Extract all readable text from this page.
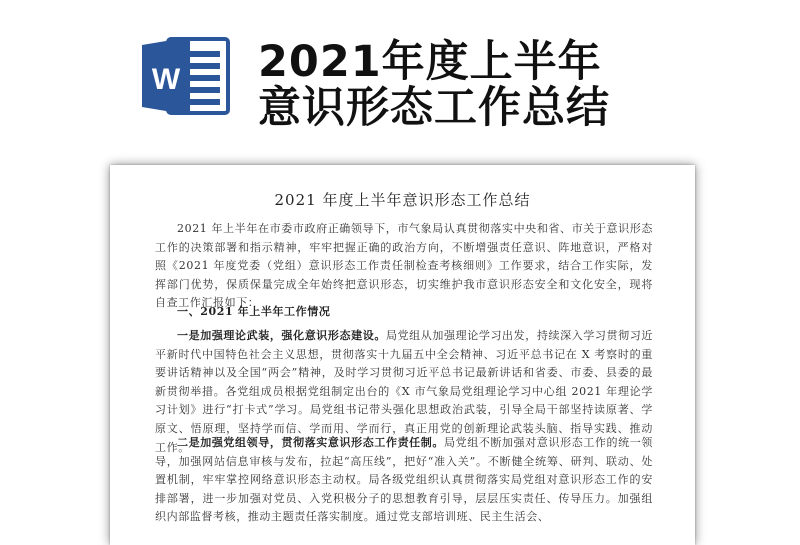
W 2021年度上半年
意识形态工作总结
2021 年度上半年意识形态工作总结

2021 年上半年在市委市政府正确领导下，市气象局认真贯彻落实中央和省、市关于意识形态工作的决策部署和指示精神，牢牢把握正确的政治方向，不断增强责任意识、阵地意识，严格对照《2021 年度党委（党组）意识形态工作责任制检查考核细则》工作要求，结合工作实际，发挥部门优势，保质保量完成全年始终把意识形态，切实维护我市意识形态安全和文化安全，现将自查工作汇报如下：

一、2021 年上半年工作情况

一是加强理论武装，强化意识形态建设。局党组从加强理论学习出发，持续深入学习贯彻习近平新时代中国特色社会主义思想，贯彻落实十九届五中全会精神、习近平总书记在 X 考察时的重要讲话精神以及全国“两会”精神，及时学习贯彻习近平总书记最新讲话和省委、市委、县委的最新贯彻举措。各党组成员根据党组制定出台的《X 市气象局党组理论学习中心组 2021 年理论学习计划》进行“打卡式”学习。局党组书记带头强化思想政治武装，引导全局干部坚持读原著、学原文、悟原理，坚持学而信、学而用、学而行，真正用党的创新理论武装头脑、指导实践、推动工作。

二是加强党组领导，贯彻落实意识形态工作责任制。局党组不断加强对意识形态工作的统一领导，加强网站信息审核与发布，拉起“高压线”，把好“准入关”。不断健全统筹、研判、联动、处置机制，牢牢掌控网络意识形态主动权。局各级党组织认真贯彻落实局党组对意识形态工作的安排部署，进一步加强对党员、入党积极分子的思想教育引导，层层压实责任、传导压力。加强组织内部监督考核，推动主题责任落实制度。通过党支部培训班、民主生活会、
